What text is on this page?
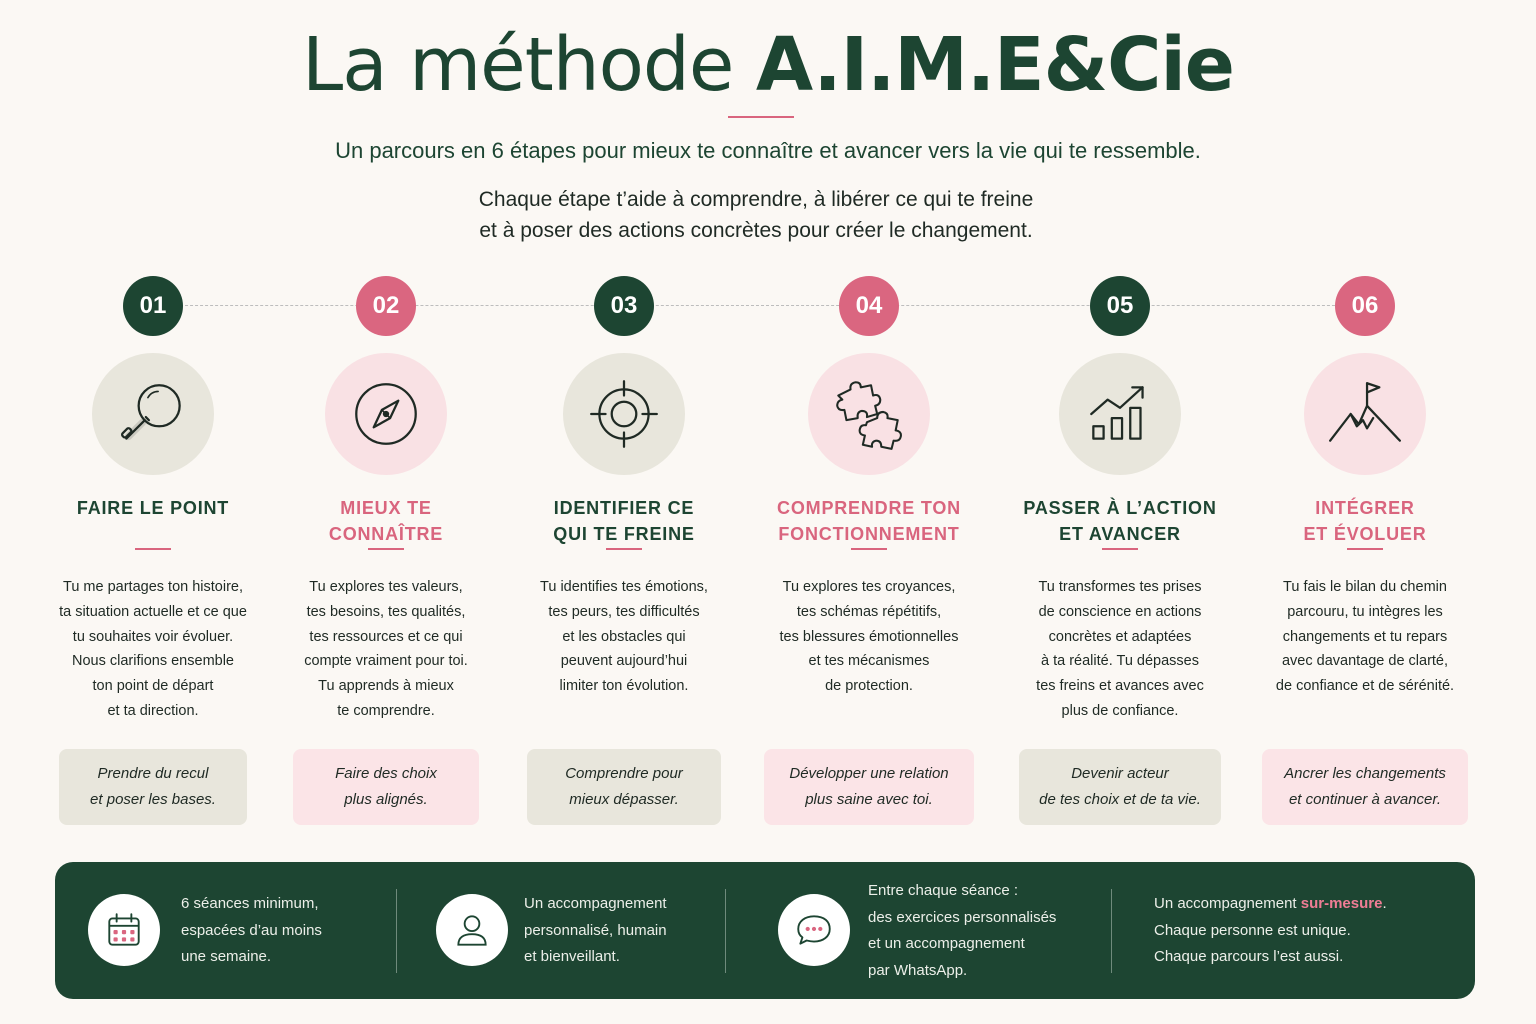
La méthode A.I.M.E&Cie
Un parcours en 6 étapes pour mieux te connaître et avancer vers la vie qui te ressemble.
Chaque étape t’aide à comprendre, à libérer ce qui te freine
et à poser des actions concrètes pour créer le changement.
01
FAIRE LE POINT
Tu me partages ton histoire,
ta situation actuelle et ce que
tu souhaites voir évoluer.
Nous clarifions ensemble
ton point de départ
et ta direction.
Prendre du recul
et poser les bases.
02
MIEUX TE
CONNAÎTRE
Tu explores tes valeurs,
tes besoins, tes qualités,
tes ressources et ce qui
compte vraiment pour toi.
Tu apprends à mieux
te comprendre.
Faire des choix
plus alignés.
03
IDENTIFIER CE
QUI TE FREINE
Tu identifies tes émotions,
tes peurs, tes difficultés
et les obstacles qui
peuvent aujourd’hui
limiter ton évolution.
Comprendre pour
mieux dépasser.
04
COMPRENDRE TON
FONCTIONNEMENT
Tu explores tes croyances,
tes schémas répétitifs,
tes blessures émotionnelles
et tes mécanismes
de protection.
Développer une relation
plus saine avec toi.
05
PASSER À L’ACTION
ET AVANCER
Tu transformes tes prises
de conscience en actions
concrètes et adaptées
à ta réalité. Tu dépasses
tes freins et avances avec
plus de confiance.
Devenir acteur
de tes choix et de ta vie.
06
INTÉGRER
ET ÉVOLUER
Tu fais le bilan du chemin
parcouru, tu intègres les
changements et tu repars
avec davantage de clarté,
de confiance et de sérénité.
Ancrer les changements
et continuer à avancer.
6 séances minimum,
espacées d’au moins
une semaine.
Un accompagnement
personnalisé, humain
et bienveillant.
Entre chaque séance :
des exercices personnalisés
et un accompagnement
par WhatsApp.
Un accompagnement sur-mesure.
Chaque personne est unique.
Chaque parcours l’est aussi.
